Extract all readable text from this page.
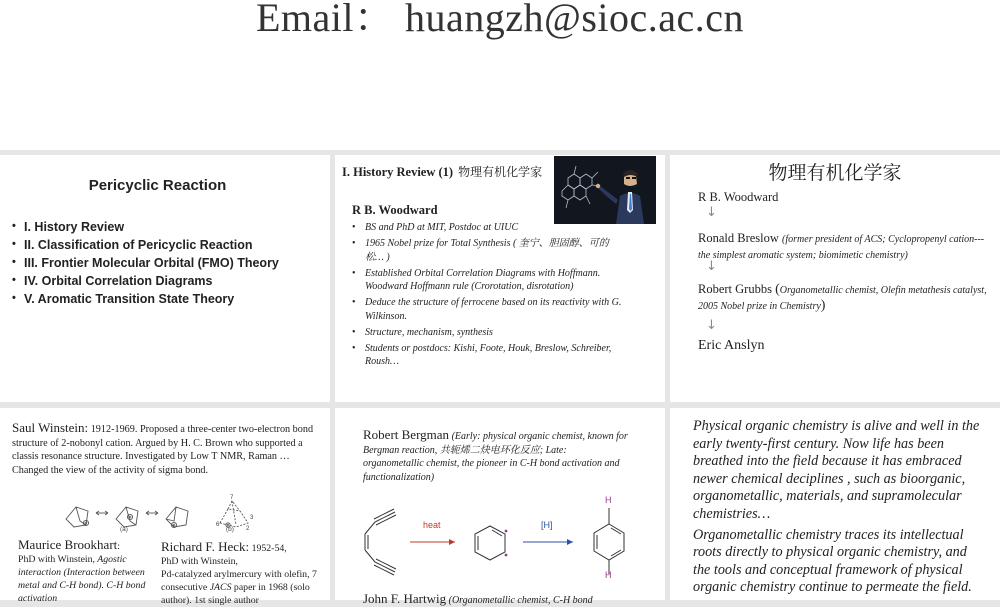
Email： huangzh@sioc.ac.cn
Pericyclic Reaction
• I. History Review
• II. Classification of Pericyclic Reaction
• III. Frontier Molecular Orbital (FMO) Theory
• IV. Orbital Correlation Diagrams
• V. Aromatic Transition State Theory
I. History Review (1) 物理有机化学家
R B. Woodward
• BS and PhD at MIT, Postdoc at UIUC
• 1965 Nobel prize for Total Synthesis ( 奎宁、胆固醇、可的松… )
• Established Orbital Correlation Diagrams with Hoffmann. Woodward Hoffmann rule (Crorotation, disrotation)
• Deduce the structure of ferrocene based on its reactivity with G. Wilkinson.
• Structure, mechanism, synthesis
• Students or postdocs: Kishi, Foote, Houk, Breslow, Schreiber, Roush…
物理有机化学家
R B. Woodward
↓
Ronald Breslow (former president of ACS; Cyclopropenyl cation---the simplest aromatic system; biomimetic chemistry)
↓
Robert Grubbs (Organometallic chemist, Olefin metathesis catalyst, 2005 Nobel prize in Chemistry)
↓
Eric Anslyn
Saul Winstein: 1912-1969. Proposed a three-center two-electron bond structure of 2-nobonyl cation. Argued by H. C. Brown who supported a classis resonance structure. Investigated by Low T NMR, Raman …Changed the view of the activity of sigma bond.
7
6
2
3
(a)	(b)
Maurice Brookhart:
PhD with Winstein, Agostic interaction (Interaction between metal and C-H bond). C-H bond activation
Richard F. Heck: 1952-54,
PhD with Winstein,
Pd-catalyzed arylmercury with olefin, 7 consecutive JACS paper in 1968 (solo author). 1st single author
Robert Bergman (Early: physical organic chemist, known for Bergman reaction, 共轭烯二炔电环化反应; Late: organometallic chemist, the pioneer in C-H bond activation and functionalization)
heat	[H]
H
H
John F. Hartwig (Organometallic chemist, C-H bond

Physical organic chemistry is alive and well in the early twenty-first century. Now life has been breathed into the field because it has embraced newer chemical deciplines , such as bioorganic, organometallic, materials, and supramolecular chemistries…

Organometallic chemistry traces its intellectual roots directly to physical organic chemistry, and the tools and conceptual framework of physical organic chemistry continue to permeate the field.
